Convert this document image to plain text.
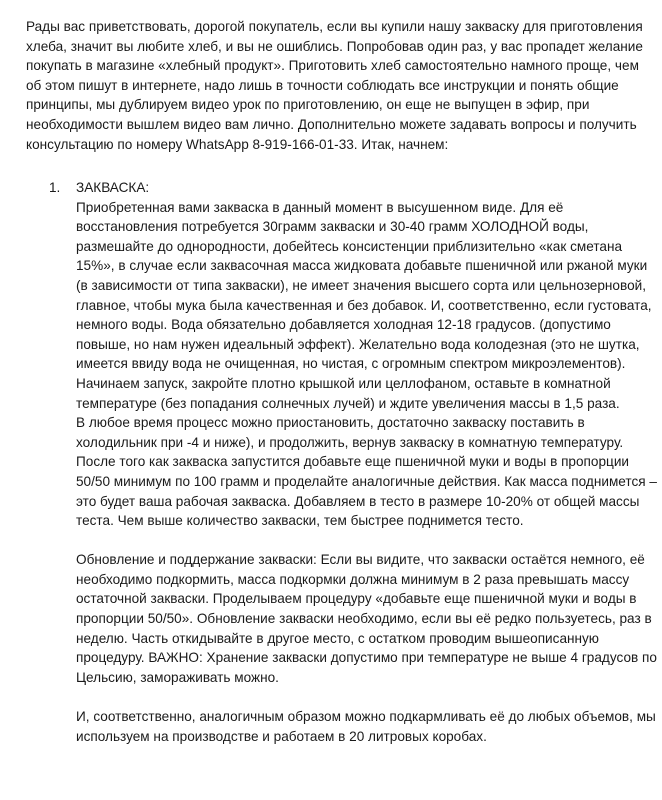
Рады вас приветствовать, дорогой покупатель, если вы купили нашу закваску для приготовления хлеба, значит вы любите хлеб, и вы не ошиблись. Попробовав один раз, у вас пропадет желание покупать в магазине «хлебный продукт». Приготовить хлеб самостоятельно намного проще, чем об этом пишут в интернете, надо лишь в точности соблюдать все инструкции и понять общие принципы, мы дублируем видео урок по приготовлению, он еще не выпущен в эфир, при необходимости вышлем видео вам лично. Дополнительно можете задавать вопросы и получить консультацию по номеру WhatsApp 8-919-166-01-33. Итак, начнем:

1. ЗАКВАСКА:

Приобретенная вами закваска в данный момент в высушенном виде. Для её восстановления потребуется 30грамм закваски и 30-40 грамм ХОЛОДНОЙ воды, размешайте до однородности, добейтесь консистенции приблизительно «как сметана 15%», в случае если заквасочная масса жидковата добавьте пшеничной или ржаной муки (в зависимости от типа закваски), не имеет значения высшего сорта или цельнозерновой, главное, чтобы мука была качественная и без добавок. И, соответственно, если густовата, немного воды. Вода обязательно добавляется холодная 12-18 градусов. (допустимо повыше, но нам нужен идеальный эффект). Желательно вода колодезная (это не шутка, имеется ввиду вода не очищенная, но чистая, с огромным спектром микроэлементов). Начинаем запуск, закройте плотно крышкой или целлофаном, оставьте в комнатной температуре (без попадания солнечных лучей) и ждите увеличения массы в 1,5 раза.

В любое время процесс можно приостановить, достаточно закваску поставить в холодильник при -4 и ниже), и продолжить, вернув закваску в комнатную температуру.

После того как закваска запустится добавьте еще пшеничной муки и воды в пропорции 50/50 минимум по 100 грамм и проделайте аналогичные действия. Как масса поднимется – это будет ваша рабочая закваска. Добавляем в тесто в размере 10-20% от общей массы теста. Чем выше количество закваски, тем быстрее поднимется тесто.

Обновление и поддержание закваски: Если вы видите, что закваски остаётся немного, её необходимо подкормить, масса подкормки должна минимум в 2 раза превышать массу остаточной закваски. Проделываем процедуру «добавьте еще пшеничной муки и воды в пропорции 50/50». Обновление закваски необходимо, если вы её редко пользуетесь, раз в неделю. Часть откидывайте в другое место, с остатком проводим вышеописанную процедуру. ВАЖНО: Хранение закваски допустимо при температуре не выше 4 градусов по Цельсию, замораживать можно.

И, соответственно, аналогичным образом можно подкармливать её до любых объемов, мы используем на производстве и работаем в 20 литровых коробах.
